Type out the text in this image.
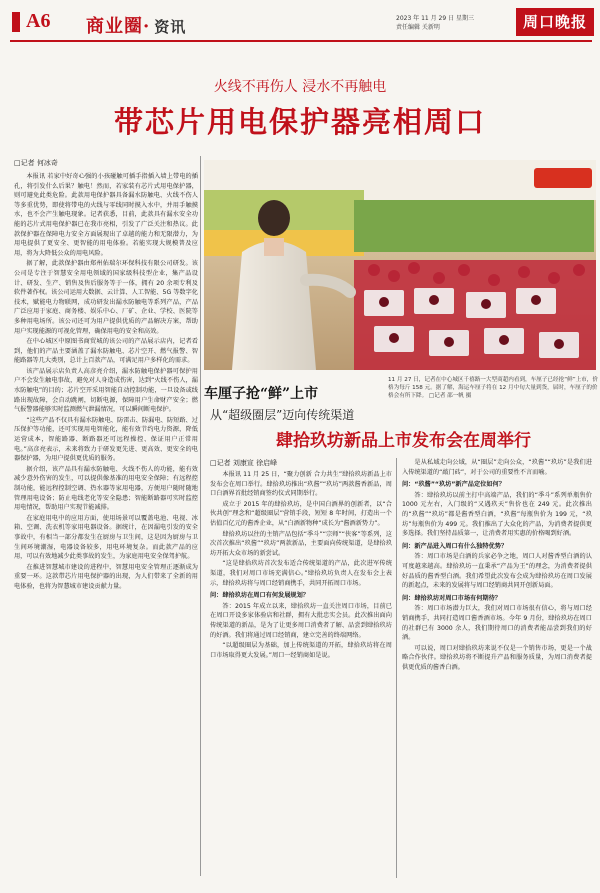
A6 商业圈· 资讯	2023 年 11 月 29 日 星期三
责任编辑 关新明	周口晚报
火线不再伤人 浸水不再触电
带芯片用电保护器亮相周口
□记者 何冰奇

本报讯 若家中好奇心强的小孩碰触可插手指插入墙上带电的插孔，将引发什么后果？触电！然而，若家装有芯片式用电保护器，则可避免此类危险。此款用电保护器具备漏水防触电、火线不伤人等多重优势，即使将带电的火线与零线同时摸入水中，并用手触摸水，也不会产生触电现象。记者获悉，目前，此款具有漏水安全功能的芯片式用电保护器已在我市亮相，引发了广泛关注和热议。此款保护器在保障电力安全方面展现出了卓越的能力和无限潜力，为用电提供了更安全、更智能的用电体验。若能实现大规模普及应用，将为大降低公众的用电风险。

据了解，此款保护器由郑州佑瑞尔环保科技有限公司研发。该公司是专注于智慧安全用电领域的国家级科技型企业，集产品设计、研发、生产、销售及售后服务等于一体，拥有 20 余项专利及软件著作权。该公司运用大数据、云计算、人工智能、5G 等数字化技术，赋能电力物联网，成功研发出漏水防触电等系列产品，产品广泛应用于家庭、商务楼、娱乐中心、厂矿、企业、学校、医院等多种用电场所。该公司还可为用户提供优质的产品解决方案，帮助用户实现能源的可视化管理，确保用电的安全和高效。

在中心城区中原图书商贸城的该公司的产品展示店内，记者看到，他们的产品主要涵盖了漏水防触电、芯片空开、燃气报警、智能路器等几大类别，总计上百款产品，可满足用户多样化的需求。

该产品展示店负责人高彦亮介绍，漏水防触电保护器可保护用户不会发生触电事故，避免对人身造成伤害，达到“火线不伤人，漏水防触电”的目的；芯片空开采用智能自动控制功能，一旦设备或线路出现故障，会自动跳闸，切断电源，保障用户生命财产安全；燃气报警器能够实时监测燃气泄漏情况，可以瞬间断电保护。

“这些产品不仅具有漏水防触电、防雷击、防漏电、防短路、过压保护等功能，还可实现用电智能化，能有效节约电力资源，降低运营成本，智能路器、断路器还可远程操控、保证用户正常用电。”高彦亮表示，未来将致力于研发更先进、更高效、更安全的电器保护器，为用户提供更优质的服务。

据介绍，该产品具有漏水防触电、火线不伤人的功能，能有效减少意外伤害的发生，可以提供像基准的用电安全保障；有远程控制功能，能远程控制空调、热水器等家用电器，方便用户随时随地管理用电设备；防止电线老化等安全隐患；智能断路器可实时监控用电情况，帮助用户实现节能减排。

在家庭用电中的应用方面，使用场景可以覆盖电池、电视、冰箱、空调、洗衣机等家用电器设备。据统计，在因漏电引发的安全事故中，有相当一部分都发生在厨房与卫生间，这是因为厨房与卫生间环境潮湿，电器设备较多，用电环境复杂。而此款产品的应用，可以有效地减少此类事故的发生，为家庭用电安全保驾护航。

在推进智慧城市建设的进程中，智慧用电安全管理正逐渐成为重要一环。这款带芯片用电保护器的出现，为人们带来了全新的用电体验，也将为智慧城市建设贡献力量。

车厘子抢“鲜”上市
11 月 27 日，记者在中心城区千禧路一大型商超内看到，车厘子已经抢“鲜”上市，价格为每斤 158 元。据了解，海运车厘子将在 12 月中旬大量到货，届时，车厘子的价格会有所下降。 □记者 邵一帆 摄
从“超级圈层”迈向传统渠道
肆拾玖坊新品上市发布会在周举行
□记者 刘康宣 徐启峰

本报讯 11 月 25 日，“聚力创新 合力共生”肆拾玖坊新品上市发布会在周口举行。肆拾玖坊推出“玖酱”“玖坊”两款酱香新品，周口白酒界首批经销商签约仪式同期举行。

成立于 2015 年的肆拾玖坊，是中国白酒界的创新者，以“合伙共创”理念和“超级圈层”营销手段，短短 8 年时间，打造出一个估值百亿元的酱香企业，从“白酒新物种”成长为“酱酒新势力”。

肆拾玖坊以往的主销产品包括“季斗”“宗师”“侠客”等系列，这次首次推出“玖酱”“玖坊”两款新品，主要面向传统渠道，是肆拾玖坊开拓大众市场的新尝试。

“这是肆拾玖坊首次发布适合传统渠道的产品，此次进军传统渠道，我们对周口市场充满信心。”肆拾玖坊负责人在发布会上表示，肆拾玖坊将与周口经销商携手，共同开拓周口市场。

问：肆拾玖坊在周口有何发展规划？

答：2015 年成立以来，肆拾玖坊一直关注周口市场，目前已在周口开设多家体验店和社群，拥有大批忠实会员。此次推出面向传统渠道的新品，是为了让更多周口消费者了解、品尝到肆拾玖坊的好酒。我们将通过周口经销商，建立完善的终端网络。

“以超级圈层为基础，加上传统渠道的开拓，肆拾玖坊将在周口市场取得更大发展。”周口一经销商如是说。

是从私域走向公域，从“圈层”走向公众，“玖酱”“玖坊”是我们进入传统渠道的“敲门砖”，对于公司的重要性不言而喻。

问：“玖酱”“玖坊”新产品定位如何？

答：肆拾玖坊以前主打中高端产品，我们的“季斗”系列单瓶售价 1000 元左右，入门级的“又遇玖天”售价也在 249 元。此次推出的“玖酱”“玖坊”都是酱香型白酒，“玖酱”每瓶售价为 199 元，“玖坊”每瓶售价为 499 元。我们推出了大众化的产品，为消费者提供更多选择。我们坚持品质第一，让消费者用实惠的价格喝到好酒。

问：新产品进入周口有什么独特优势？

答：周口市场是白酒的兵家必争之地，周口人对酱香型白酒的认可度越来越高。肆拾玖坊一直秉承“产品为王”的理念，为消费者提供好品质的酱香型白酒。我们希望此次发布会成为肆拾玖坊在周口发展的新起点，未来的发展将与周口经销商共同开创新局面。

问：肆拾玖坊对周口市场有何期待？

答：周口市场潜力巨大，我们对周口市场很有信心，将与周口经销商携手，共同打造周口酱香酒市场。今年 9 月份，肆拾玖坊在周口的社群已有 3000 余人，我们期待周口的消费者能品尝到我们的好酒。

可以说，周口对肆拾玖坊来说不仅是一个销售市场，更是一个战略合作伙伴。肆拾玖坊将不断提升产品和服务质量，为周口消费者提供更优质的酱香白酒。
